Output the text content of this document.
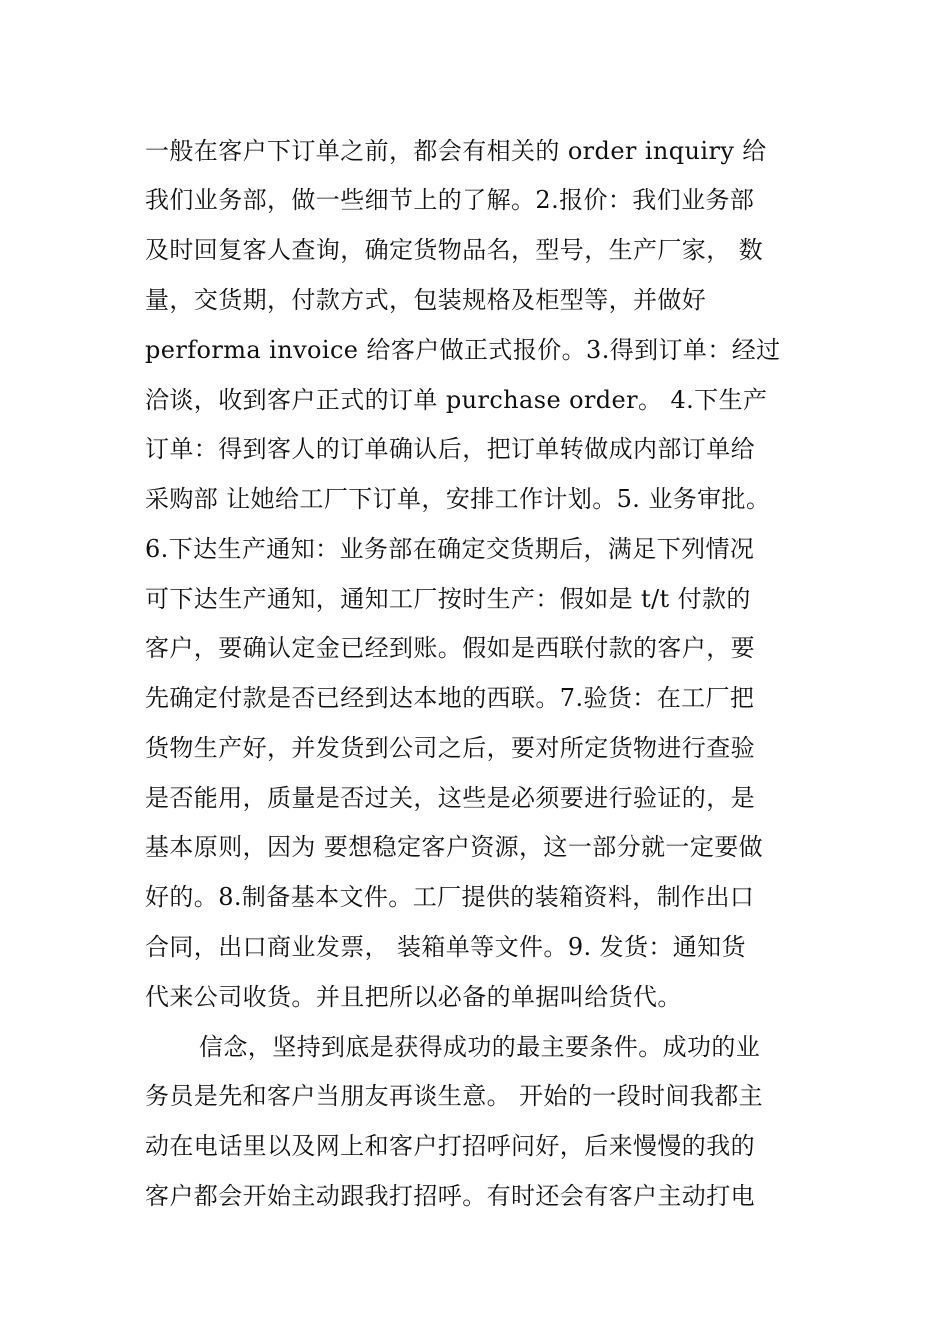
一般在客户下订单之前，都会有相关的 order inquiry 给
我们业务部，做一些细节上的了解。2.报价：我们业务部
及时回复客人查询，确定货物品名，型号，生产厂家， 数
量，交货期，付款方式，包装规格及柜型等，并做好
performa invoice 给客户做正式报价。3.得到订单：经过
洽谈，收到客户正式的订单 purchase order。 4.下生产
订单：得到客人的订单确认后，把订单转做成内部订单给
采购部 让她给工厂下订单，安排工作计划。5. 业务审批。
6.下达生产通知：业务部在确定交货期后，满足下列情况
可下达生产通知，通知工厂按时生产：假如是 t/t 付款的
客户，要确认定金已经到账。假如是西联付款的客户，要
先确定付款是否已经到达本地的西联。7.验货：在工厂把
货物生产好，并发货到公司之后，要对所定货物进行查验
是否能用，质量是否过关，这些是必须要进行验证的，是
基本原则，因为 要想稳定客户资源，这一部分就一定要做
好的。8.制备基本文件。工厂提供的装箱资料，制作出口
合同，出口商业发票， 装箱单等文件。9. 发货：通知货
代来公司收货。并且把所以必备的单据叫给货代。
信念，坚持到底是获得成功的最主要条件。成功的业
务员是先和客户当朋友再谈生意。 开始的一段时间我都主
动在电话里以及网上和客户打招呼问好，后来慢慢的我的
客户都会开始主动跟我打招呼。有时还会有客户主动打电
